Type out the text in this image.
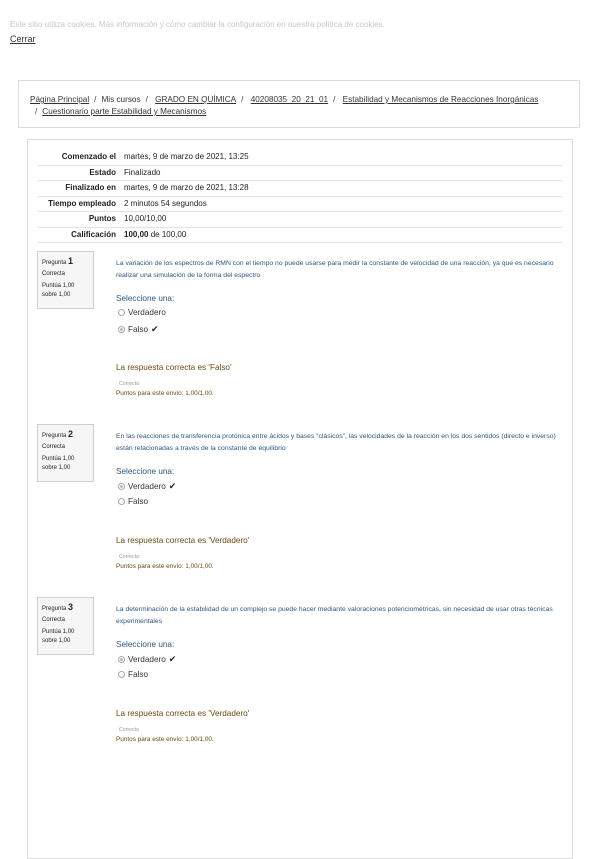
Este sitio utiliza cookies. Más información y cómo cambiar la configuración en nuestra política de cookies.
Cerrar
Página Principal / Mis cursos / GRADO EN QUÍMICA / 40208035_20_21_01 / Estabilidad y Mecanismos de Reacciones Inorgánicas
/ Cuestionario parte Estabilidad y Mecanismos
Comenzado el	martes, 9 de marzo de 2021, 13:25
Estado	Finalizado
Finalizado en	martes, 9 de marzo de 2021, 13:28
Tiempo empleado	2 minutos 54 segundos
Puntos	10,00/10,00
Calificación	100,00 de 100,00
Pregunta 1
Correcta
Puntúa 1,00 sobre 1,00
La variación de los espectros de RMN con el tiempo no puede usarse para medir la constante de velocidad de una reacción, ya que es necesario realizar una simulación de la forma del espectro
Seleccione una:
Verdadero
Falso ✔
La respuesta correcta es 'Falso'
Correcta
Puntos para este envío: 1,00/1,00.
Pregunta 2
Correcta
Puntúa 1,00 sobre 1,00
En las reacciones de transferencia protónica entre ácidos y bases “clásicos”, las velocidades de la reacción en los dos sentidos (directo e inverso) están relacionadas a través de la constante de equilibrio
Seleccione una:
Verdadero ✔
Falso
La respuesta correcta es 'Verdadero'
Correcta
Puntos para este envío: 1,00/1,00.
Pregunta 3
Correcta
Puntúa 1,00 sobre 1,00
La determinación de la estabilidad de un complejo se puede hacer mediante valoraciones potenciométricas, sin necesidad de usar otras técnicas experimentales
Seleccione una:
Verdadero ✔
Falso
La respuesta correcta es 'Verdadero'
Correcta
Puntos para este envío: 1,00/1,00.
